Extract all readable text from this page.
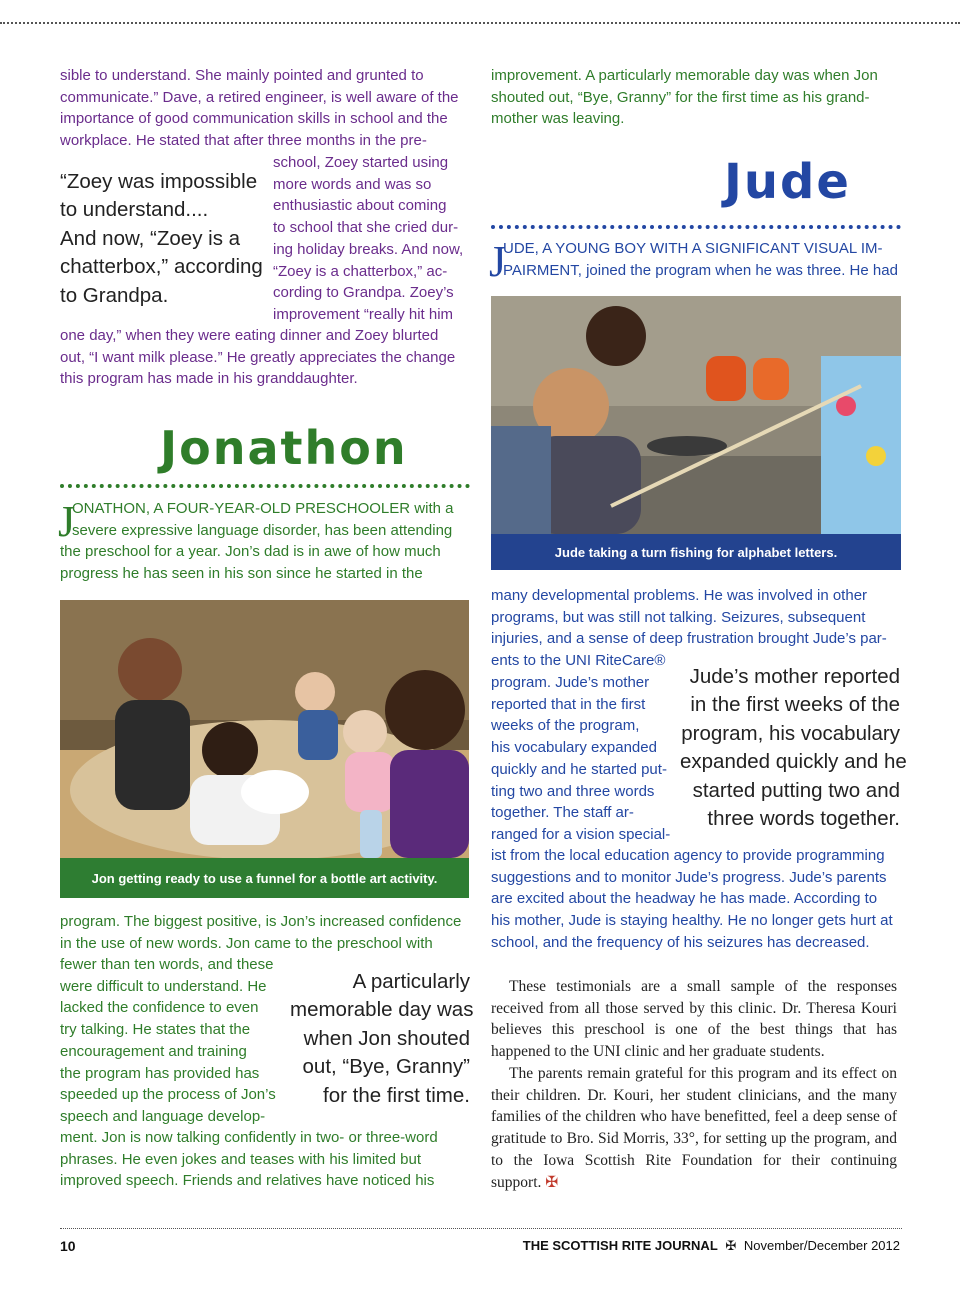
sible to understand. She mainly pointed and grunted to
communicate.” Dave, a retired engineer, is well aware of the
importance of good communication skills in school and the
workplace. He stated that after three months in the pre-
school, Zoey started using
more words and was so
enthusiastic about coming
to school that she cried dur-
ing holiday breaks. And now,
“Zoey is a chatterbox,” ac-
cording to Grandpa. Zoey’s
improvement “really hit him
one day,” when they were eating dinner and Zoey blurted
out, “I want milk please.” He greatly appreciates the change
this program has made in his granddaughter.
“Zoey was impossible
to understand....
And now, “Zoey is a
chatterbox,” according
to Grandpa.
Jonathon
J
ONATHON, A FOUR-YEAR-OLD PRESCHOOLER with a
severe expressive language disorder, has been attending
the preschool for a year. Jon’s dad is in awe of how much
progress he has seen in his son since he started in the
Jon getting ready to use a funnel for a bottle art activity.
program. The biggest positive, is Jon’s increased confidence
in the use of new words. Jon came to the preschool with
fewer than ten words, and these
were difficult to understand. He
lacked the confidence to even
try talking. He states that the
encouragement and training
the program has provided has
speeded up the process of Jon’s
speech and language develop-
ment. Jon is now talking confidently in two- or three-word
phrases. He even jokes and teases with his limited but
improved speech. Friends and relatives have noticed his
A particularly
memorable day was
when Jon shouted
out, “Bye, Granny”
for the first time.
improvement. A particularly memorable day was when Jon
shouted out, “Bye, Granny” for the first time as his grand-
mother was leaving.
Jude
J
UDE, A YOUNG BOY WITH A SIGNIFICANT VISUAL IM-
PAIRMENT, joined the program when he was three. He had
Jude taking a turn fishing for alphabet letters.
many developmental problems. He was involved in other
programs, but was still not talking. Seizures, subsequent
injuries, and a sense of deep frustration brought Jude’s par-
ents to the UNI RiteCare®
program. Jude’s mother
reported that in the first
weeks of the program,
his vocabulary expanded
quickly and he started put-
ting two and three words
together. The staff ar-
ranged for a vision special-
ist from the local education agency to provide programming
suggestions and to monitor Jude’s progress. Jude’s parents
are excited about the headway he has made. According to
his mother, Jude is staying healthy. He no longer gets hurt at
school, and the frequency of his seizures has decreased.
Jude’s mother reported
in the first weeks of the
program, his vocabulary
expanded quickly and he
started putting two and
three words together.
These testimonials are a small sample of the responses received from all those served by this clinic. Dr. Theresa Kouri believes this preschool is one of the best things that has happened to the UNI clinic and her graduate students.
The parents remain grateful for this program and its effect on their children. Dr. Kouri, her student clinicians, and the many families of the children who have benefitted, feel a deep sense of gratitude to Bro. Sid Morris, 33°, for setting up the program, and to the Iowa Scottish Rite Foundation for their continuing support. ✠
10	THE SCOTTISH RITE JOURNAL ✠ November/December 2012
